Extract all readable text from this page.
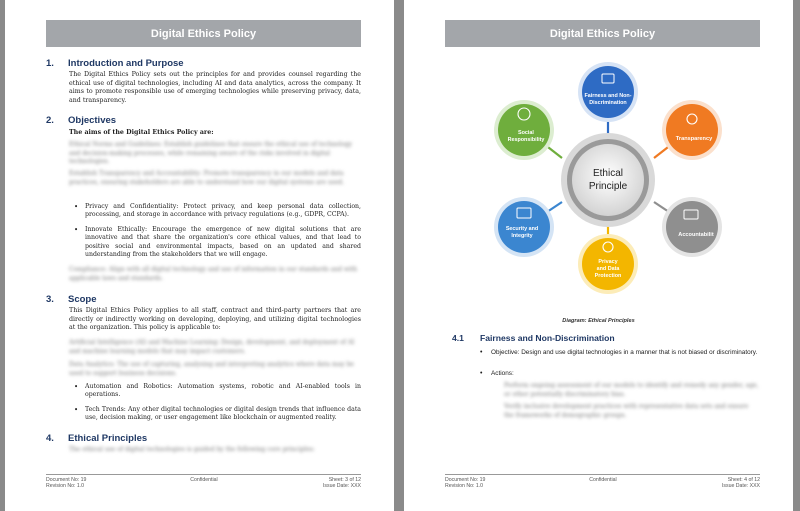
Digital Ethics Policy
1. Introduction and Purpose
The Digital Ethics Policy sets out the principles for and provides counsel regarding the ethical use of digital technologies, including AI and data analytics, across the company. It aims to promote responsible use of emerging technologies while preserving privacy, data, and transparency.
2. Objectives
The aims of the Digital Ethics Policy are:
Ethical Norms and Guidelines: Establish guidelines that ensure the ethical use of technology and decision-making processes, while remaining aware of the risks involved in digital technologies.
Establish Transparency and Accountability: Promote transparency in our models and data practices, ensuring stakeholders are able to understand how our digital systems are used.
• Privacy and Confidentiality: Protect privacy, and keep personal data collection, processing, and storage in accordance with privacy regulations (e.g., GDPR, CCPA).
• Innovate Ethically: Encourage the emergence of new digital solutions that are innovative and that share the organization's core ethical values, and that lead to positive social and environmental impacts, based on an updated and shared understanding from the stakeholders that we will engage.
Compliance: Align with all digital technology and use of information in our standards and with applicable laws and standards.
3. Scope
This Digital Ethics Policy applies to all staff, contract and third-party partners that are directly or indirectly working on developing, deploying, and utilizing digital technologies at the organization. This policy is applicable to:
Artificial Intelligence (AI) and Machine Learning: Design, development, and deployment of AI and machine learning models that may impact customers.
Data Analytics: The use of capturing, analysing and interpreting analytics where data may be used to support business decisions.
• Automation and Robotics: Automation systems, robotic and AI-enabled tools in operations.
• Tech Trends: Any other digital technologies or digital design trends that influence data use, decision making, or user engagement like blockchain or augmented reality.
4. Ethical Principles
The ethical use of digital technologies is guided by the following core principles:
Document No: 19
Revision No: 1.0
Confidential	Sheet: 3 of 12
Issue Date: XXX
Digital Ethics Policy
Ethical
Principle
Fairness and Non-
Discrimination
Transparency
Accountabilit
Privacy
and Data
Protection
Security and
Integrity
Social
Responsibility
Diagram: Ethical Principles
4.1 Fairness and Non-Discrimination
• Objective: Design and use digital technologies in a manner that is not biased or discriminatory.
• Actions:
Perform ongoing assessment of our models to identify and remedy any gender, age, or other potentially discriminatory bias.
Verify inclusive development practices with representative data sets and ensure the frameworks of demographic groups.
Document No: 19
Revision No: 1.0
Confidential	Sheet: 4 of 12
Issue Date: XXX
